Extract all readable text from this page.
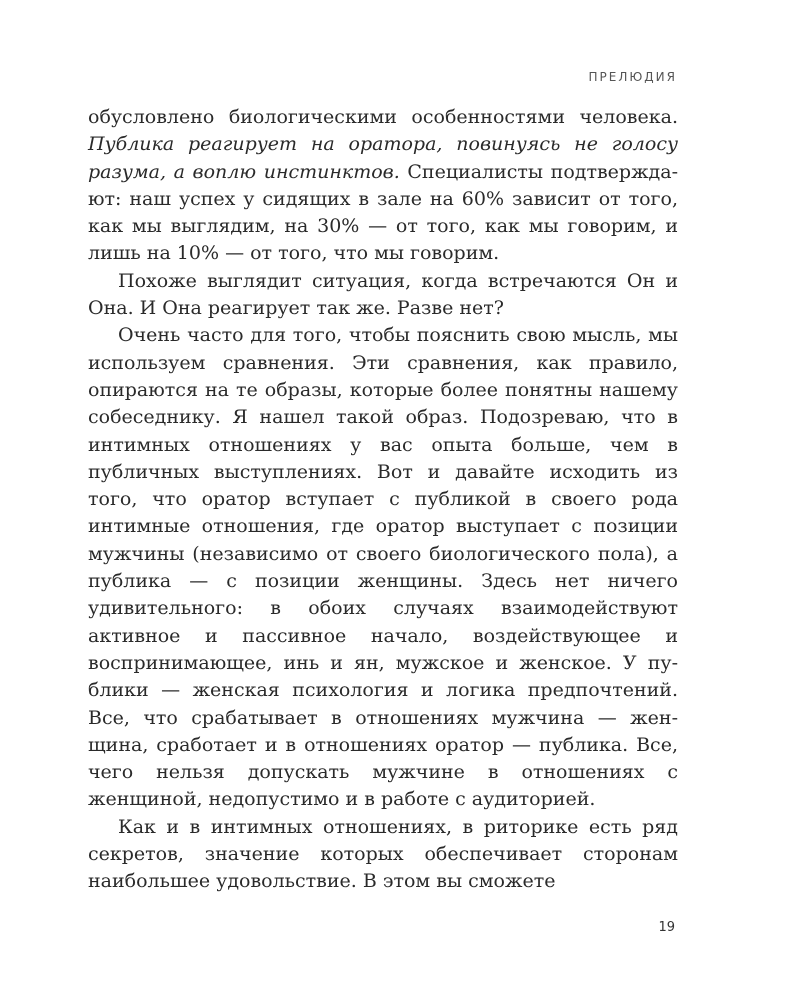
ПРЕЛЮДИЯ

обусловлено биологическими особенностями человека. Публика реагирует на оратора, повинуясь не голосу разума, а воплю инстинктов. Специалисты подтверждают: наш успех у сидящих в зале на 60% зависит от того, как мы выглядим, на 30% — от того, как мы говорим, и лишь на 10% — от того, что мы говорим.

Похоже выглядит ситуация, когда встречаются Он и Она. И Она реагирует так же. Разве нет?

Очень часто для того, чтобы пояснить свою мысль, мы используем сравнения. Эти сравнения, как правило, опираются на те образы, которые более понятны нашему собеседнику. Я нашел такой образ. Подозреваю, что в интимных отношениях у вас опыта больше, чем в публичных выступлениях. Вот и давайте исходить из того, что оратор вступает с публикой в своего рода интимные отношения, где оратор выступает с позиции мужчины (независимо от своего биологического пола), а публика — с позиции женщины. Здесь нет ничего удивительного: в обоих случаях взаимодействуют активное и пассивное начало, воздействующее и воспринимающее, инь и ян, мужское и женское. У публики — женская психология и логика предпочтений. Все, что срабатывает в отношениях мужчина — женщина, сработает и в отношениях оратор — публика. Все, чего нельзя допускать мужчине в отношениях с женщиной, недопустимо и в работе с аудиторией.

Как и в интимных отношениях, в риторике есть ряд секретов, значение которых обеспечивает сторонам наибольшее удовольствие. В этом вы сможете

19
